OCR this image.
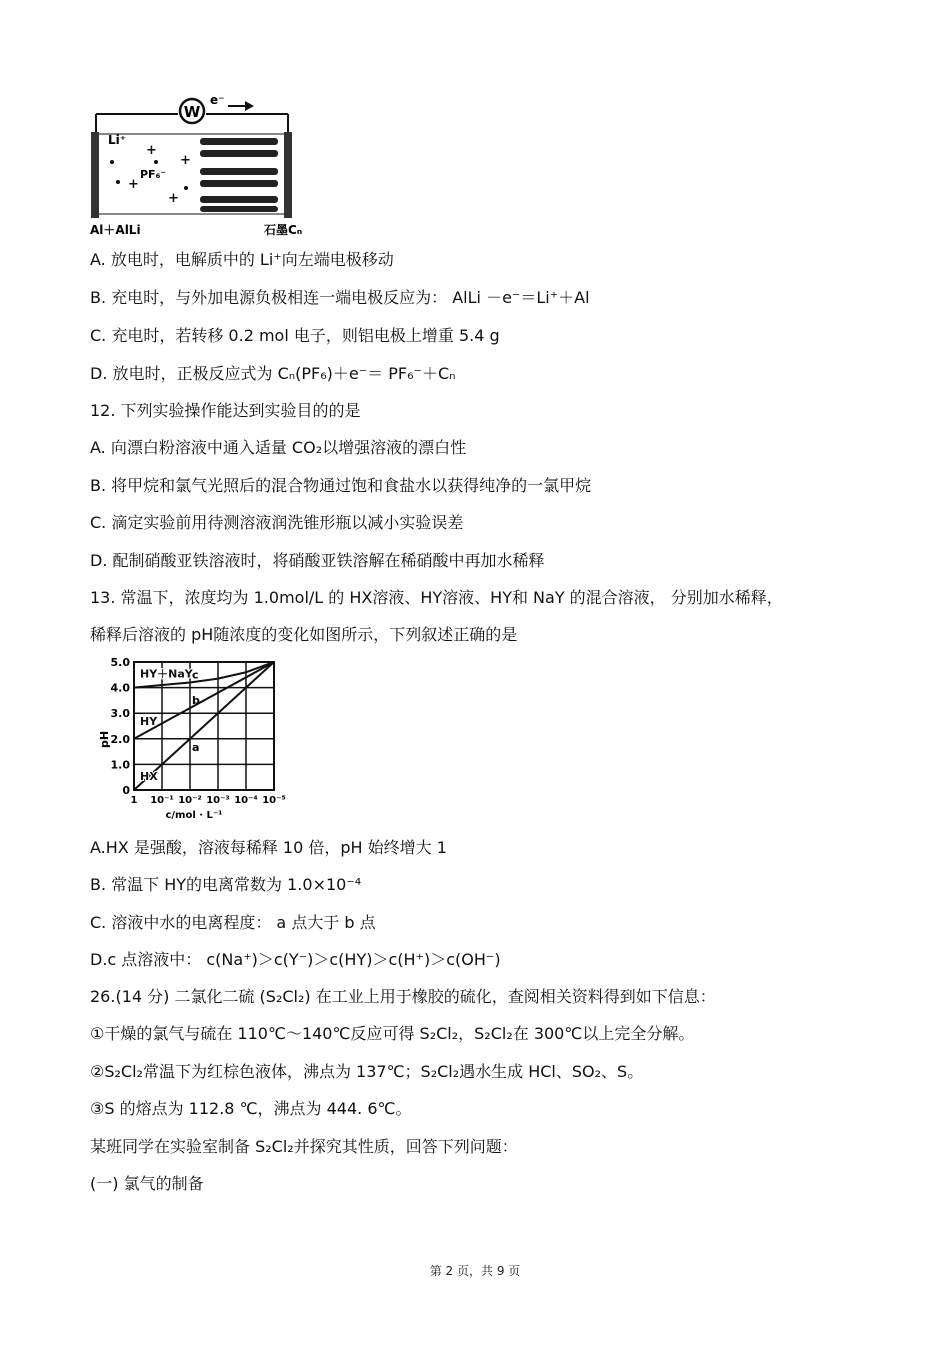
W
e⁻
Li⁺
PF₆⁻
+
+
+
+
Al＋AlLi	石墨Cₙ
A. 放电时，电解质中的 Li⁺向左端电极移动
B. 充电时，与外加电源负极相连一端电极反应为： AlLi －e⁻＝Li⁺＋Al
C. 充电时，若转移 0.2 mol 电子，则铝电极上增重 5.4 g
D. 放电时，正极反应式为 Cₙ(PF₆)＋e⁻＝ PF₆⁻＋Cₙ
12. 下列实验操作能达到实验目的的是
A. 向漂白粉溶液中通入适量 CO₂以增强溶液的漂白性
B. 将甲烷和氯气光照后的混合物通过饱和食盐水以获得纯净的一氯甲烷
C. 滴定实验前用待测溶液润洗锥形瓶以减小实验误差
D. 配制硝酸亚铁溶液时，将硝酸亚铁溶解在稀硝酸中再加水稀释
13. 常温下，浓度均为 1.0mol/L 的 HX溶液、HY溶液、HY和 NaY 的混合溶液， 分别加水稀释，
稀释后溶液的 pH随浓度的变化如图所示，下列叙述正确的是
0
1.0
2.0
3.0
4.0
5.0
1 10⁻¹ 10⁻² 10⁻³ 10⁻⁴ 10⁻⁵
pH
c/mol · L⁻¹
HY＋NaY
HY
HX
c
b
a
A.HX 是强酸，溶液每稀释 10 倍，pH 始终增大 1
B. 常温下 HY的电离常数为 1.0×10⁻⁴
C. 溶液中水的电离程度： a 点大于 b 点
D.c 点溶液中： c(Na⁺)＞c(Y⁻)＞c(HY)＞c(H⁺)＞c(OH⁻)
26.(14 分) 二氯化二硫 (S₂Cl₂) 在工业上用于橡胶的硫化，查阅相关资料得到如下信息：
①干燥的氯气与硫在 110℃～140℃反应可得 S₂Cl₂，S₂Cl₂在 300℃以上完全分解。
②S₂Cl₂常温下为红棕色液体，沸点为 137℃；S₂Cl₂遇水生成 HCl、SO₂、S。
③S 的熔点为 112.8 ℃，沸点为 444. 6℃。
某班同学在实验室制备 S₂Cl₂并探究其性质，回答下列问题：
(一) 氯气的制备
第 2 页，共 9 页
